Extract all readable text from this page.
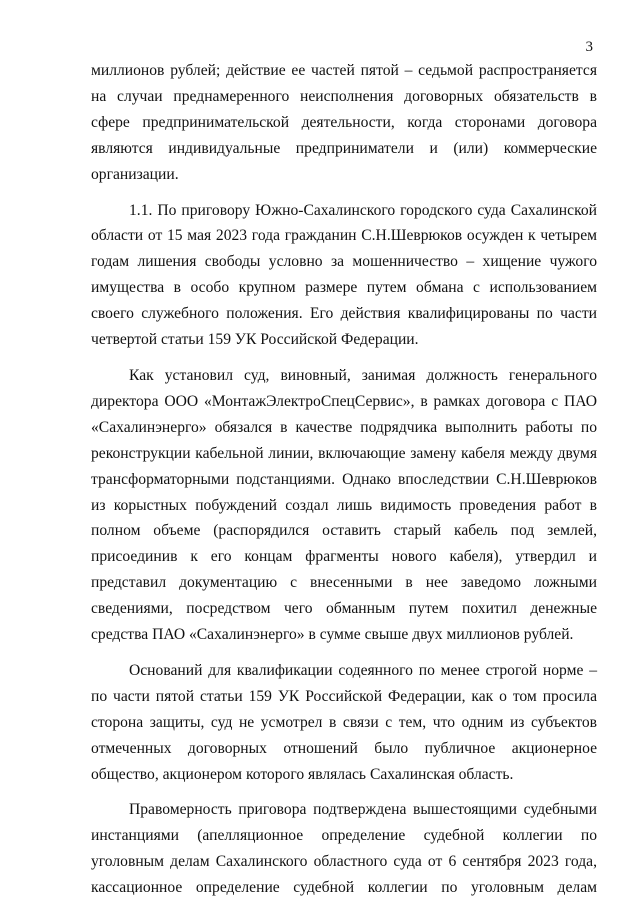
3
миллионов рублей; действие ее частей пятой – седьмой распространяется
на случаи преднамеренного неисполнения договорных обязательств в
сфере предпринимательской деятельности, когда сторонами договора
являются индивидуальные предприниматели и (или) коммерческие
организации.
1.1. По приговору Южно-Сахалинского городского суда Сахалинской
области от 15 мая 2023 года гражданин С.Н.Шеврюков осужден к четырем
годам лишения свободы условно за мошенничество – хищение чужого
имущества в особо крупном размере путем обмана с использованием
своего служебного положения. Его действия квалифицированы по части
четвертой статьи 159 УК Российской Федерации.
Как установил суд, виновный, занимая должность генерального
директора ООО «МонтажЭлектроСпецСервис», в рамках договора с ПАО
«Сахалинэнерго» обязался в качестве подрядчика выполнить работы по
реконструкции кабельной линии, включающие замену кабеля между двумя
трансформаторными подстанциями. Однако впоследствии С.Н.Шеврюков
из корыстных побуждений создал лишь видимость проведения работ в
полном объеме (распорядился оставить старый кабель под землей,
присоединив к его концам фрагменты нового кабеля), утвердил и
представил документацию с внесенными в нее заведомо ложными
сведениями, посредством чего обманным путем похитил денежные
средства ПАО «Сахалинэнерго» в сумме свыше двух миллионов рублей.
Оснований для квалификации содеянного по менее строгой норме –
по части пятой статьи 159 УК Российской Федерации, как о том просила
сторона защиты, суд не усмотрел в связи с тем, что одним из субъектов
отмеченных договорных отношений было публичное акционерное
общество, акционером которого являлась Сахалинская область.
Правомерность приговора подтверждена вышестоящими судебными
инстанциями (апелляционное определение судебной коллегии по
уголовным делам Сахалинского областного суда от 6 сентября 2023 года,
кассационное определение судебной коллегии по уголовным делам
